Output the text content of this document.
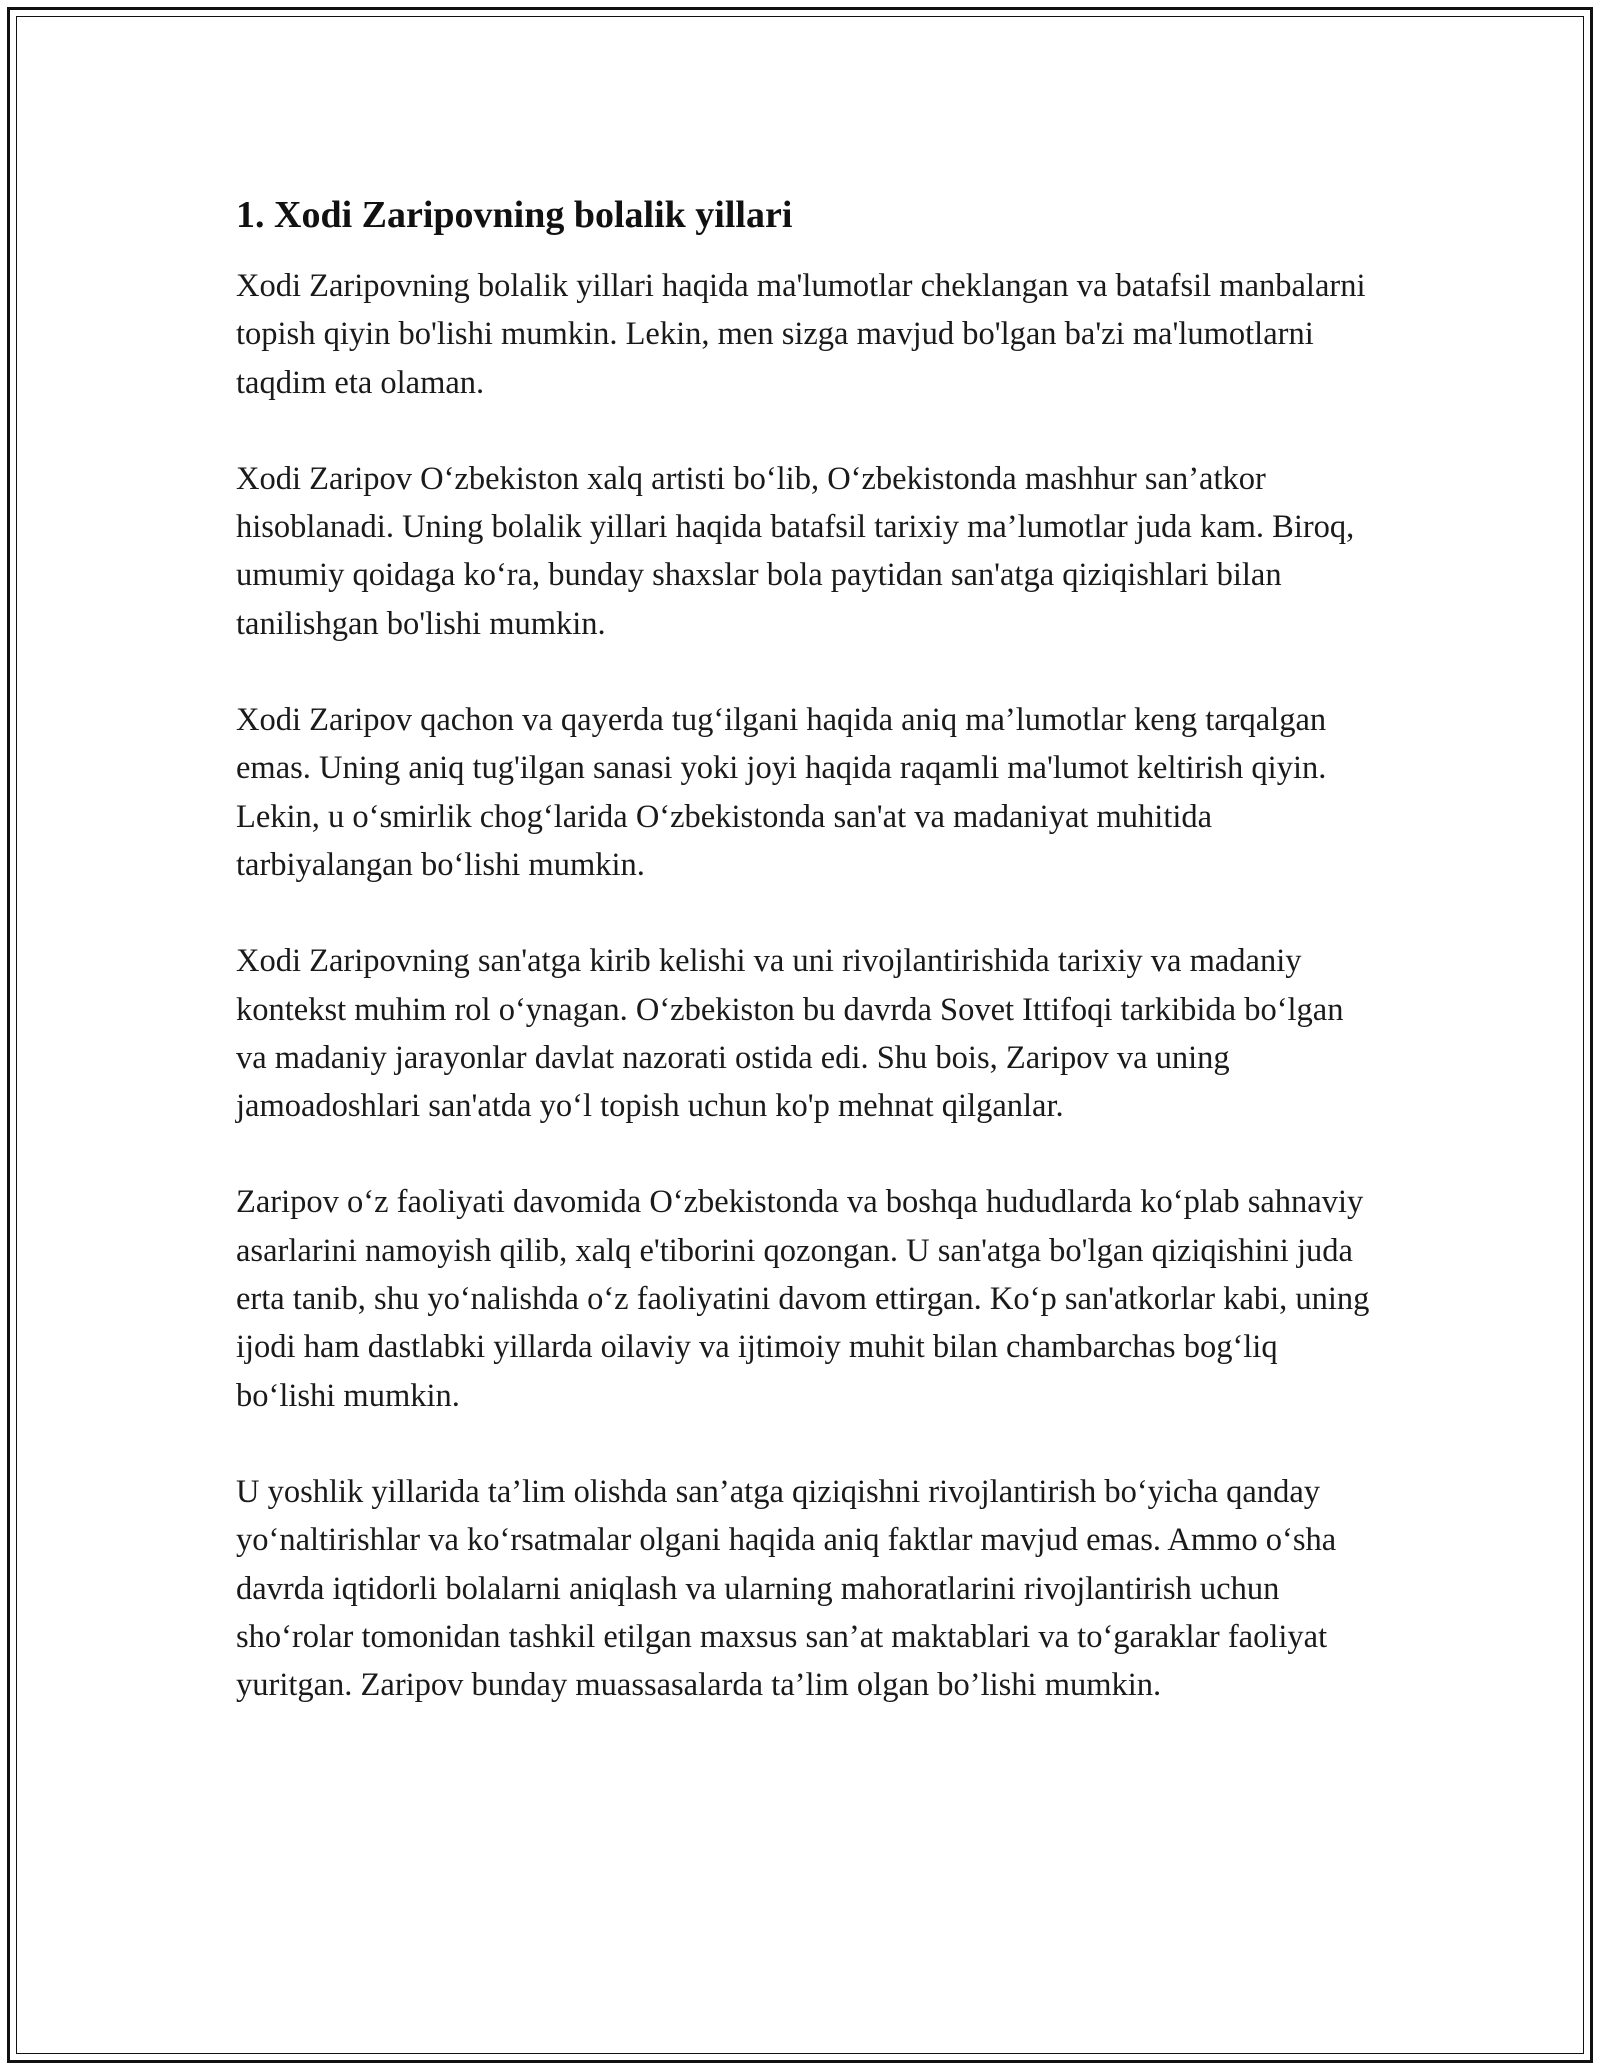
1. Xodi Zaripovning bolalik yillari

Xodi Zaripovning bolalik yillari haqida ma'lumotlar cheklangan va batafsil manbalarni topish qiyin bo'lishi mumkin. Lekin, men sizga mavjud bo'lgan ba'zi ma'lumotlarni taqdim eta olaman.

Xodi Zaripov O‘zbekiston xalq artisti bo‘lib, O‘zbekistonda mashhur san’atkor hisoblanadi. Uning bolalik yillari haqida batafsil tarixiy ma’lumotlar juda kam. Biroq, umumiy qoidaga ko‘ra, bunday shaxslar bola paytidan san'atga qiziqishlari bilan tanilishgan bo'lishi mumkin.

Xodi Zaripov qachon va qayerda tug‘ilgani haqida aniq ma’lumotlar keng tarqalgan emas. Uning aniq tug'ilgan sanasi yoki joyi haqida raqamli ma'lumot keltirish qiyin. Lekin, u o‘smirlik chog‘larida O‘zbekistonda san'at va madaniyat muhitida tarbiyalangan bo‘lishi mumkin.

Xodi Zaripovning san'atga kirib kelishi va uni rivojlantirishida tarixiy va madaniy kontekst muhim rol o‘ynagan. O‘zbekiston bu davrda Sovet Ittifoqi tarkibida bo‘lgan va madaniy jarayonlar davlat nazorati ostida edi. Shu bois, Zaripov va uning jamoadoshlari san'atda yo‘l topish uchun ko'p mehnat qilganlar.

Zaripov o‘z faoliyati davomida O‘zbekistonda va boshqa hududlarda ko‘plab sahnaviy asarlarini namoyish qilib, xalq e'tiborini qozongan. U san'atga bo'lgan qiziqishini juda erta tanib, shu yo‘nalishda o‘z faoliyatini davom ettirgan. Ko‘p san'atkorlar kabi, uning ijodi ham dastlabki yillarda oilaviy va ijtimoiy muhit bilan chambarchas bog‘liq bo‘lishi mumkin.

U yoshlik yillarida ta’lim olishda san’atga qiziqishni rivojlantirish bo‘yicha qanday yo‘naltirishlar va ko‘rsatmalar olgani haqida aniq faktlar mavjud emas. Ammo o‘sha davrda iqtidorli bolalarni aniqlash va ularning mahoratlarini rivojlantirish uchun sho‘rolar tomonidan tashkil etilgan maxsus san’at maktablari va to‘garaklar faoliyat yuritgan. Zaripov bunday muassasalarda ta’lim olgan bo’lishi mumkin.
